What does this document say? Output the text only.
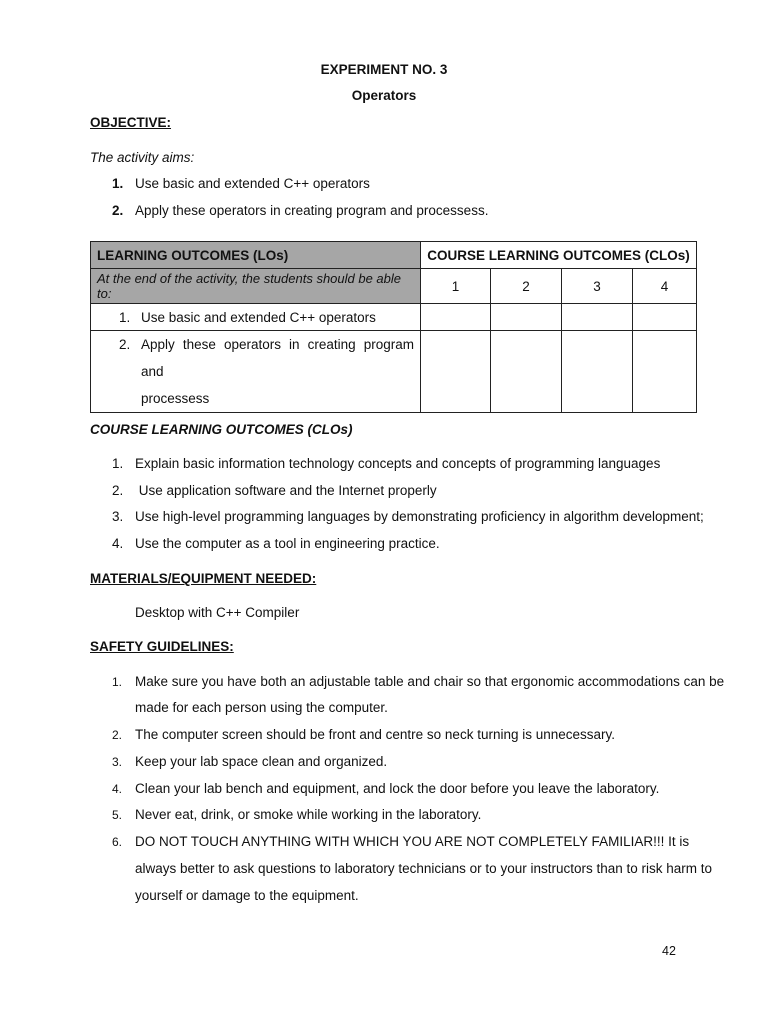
EXPERIMENT NO. 3
Operators
OBJECTIVE:
The activity aims:
1. Use basic and extended C++ operators
2. Apply these operators in creating program and processess.
LEARNING OUTCOMES (LOs)	COURSE LEARNING OUTCOMES (CLOs)			
At the end of the activity, the students should be able to:	1	2	3	4
1. Use basic and extended C++ operators				

2. Apply these operators in creating program and
processess				

COURSE LEARNING OUTCOMES (CLOs)
1. Explain basic information technology concepts and concepts of programming languages
2. Use application software and the Internet properly
3. Use high-level programming languages by demonstrating proficiency in algorithm development;
4. Use the computer as a tool in engineering practice.
MATERIALS/EQUIPMENT NEEDED:
Desktop with C++ Compiler
SAFETY GUIDELINES:
1. Make sure you have both an adjustable table and chair so that ergonomic accommodations can be
made for each person using the computer.
2. The computer screen should be front and centre so neck turning is unnecessary.
3. Keep your lab space clean and organized.
4. Clean your lab bench and equipment, and lock the door before you leave the laboratory.
5. Never eat, drink, or smoke while working in the laboratory.
6. DO NOT TOUCH ANYTHING WITH WHICH YOU ARE NOT COMPLETELY FAMILIAR!!! It is
always better to ask questions to laboratory technicians or to your instructors than to risk harm to
yourself or damage to the equipment.
42
